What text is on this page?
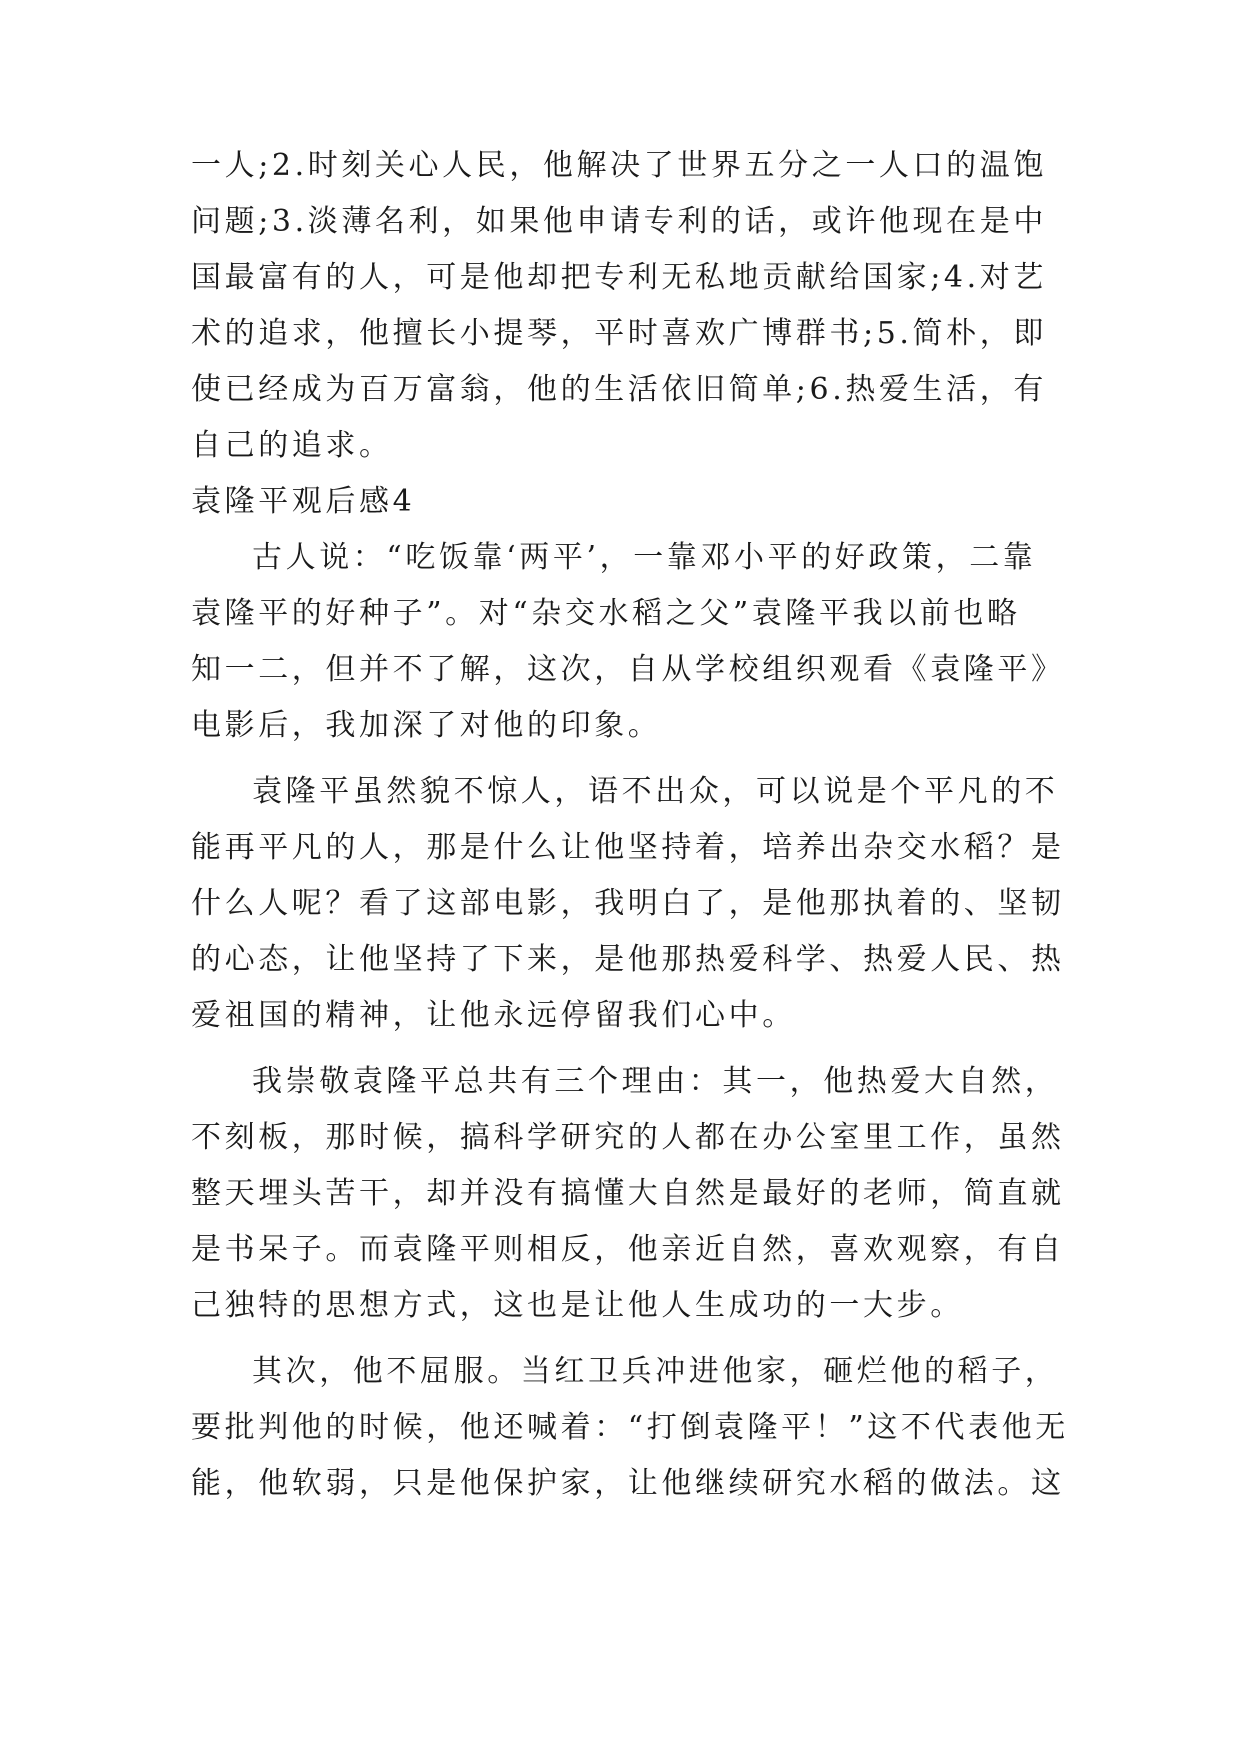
一人;2.时刻关心人民，他解决了世界五分之一人口的温饱

问题;3.淡薄名利，如果他申请专利的话，或许他现在是中

国最富有的人，可是他却把专利无私地贡献给国家;4.对艺

术的追求，他擅长小提琴，平时喜欢广博群书;5.简朴，即

使已经成为百万富翁，他的生活依旧简单;6.热爱生活，有

自己的追求。

袁隆平观后感4

古人说：“吃饭靠‘两平’，一靠邓小平的好政策，二靠

袁隆平的好种子”。对“杂交水稻之父”袁隆平我以前也略

知一二，但并不了解，这次，自从学校组织观看《袁隆平》

电影后，我加深了对他的印象。

袁隆平虽然貌不惊人，语不出众，可以说是个平凡的不

能再平凡的人，那是什么让他坚持着，培养出杂交水稻？是

什么人呢？看了这部电影，我明白了，是他那执着的、坚韧

的心态，让他坚持了下来，是他那热爱科学、热爱人民、热

爱祖国的精神，让他永远停留我们心中。

我崇敬袁隆平总共有三个理由：其一，他热爱大自然，

不刻板，那时候，搞科学研究的人都在办公室里工作，虽然

整天埋头苦干，却并没有搞懂大自然是最好的老师，简直就

是书呆子。而袁隆平则相反，他亲近自然，喜欢观察，有自

己独特的思想方式，这也是让他人生成功的一大步。

其次，他不屈服。当红卫兵冲进他家，砸烂他的稻子，

要批判他的时候，他还喊着：“打倒袁隆平！”这不代表他无

能，他软弱，只是他保护家，让他继续研究水稻的做法。这
